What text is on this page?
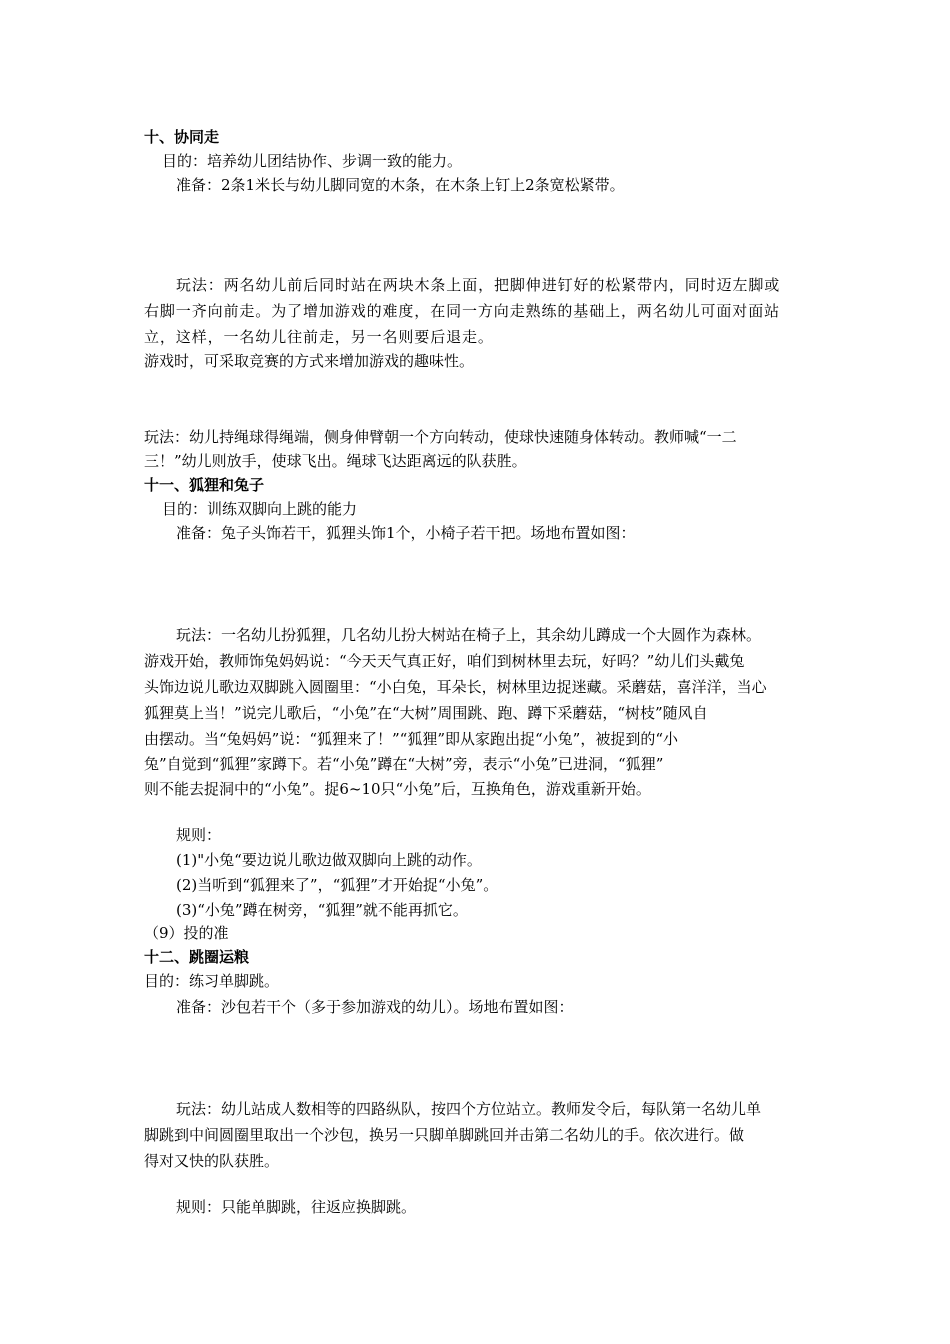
十、协同走

目的：培养幼儿团结协作、步调一致的能力。

准备：2条1米长与幼儿脚同宽的木条，在木条上钉上2条宽松紧带。

玩法：两名幼儿前后同时站在两块木条上面，把脚伸进钉好的松紧带内，同时迈左脚或

右脚一齐向前走。为了增加游戏的难度，在同一方向走熟练的基础上，两名幼儿可面对面站

立，这样，一名幼儿往前走，另一名则要后退走。

游戏时，可采取竞赛的方式来增加游戏的趣味性。

玩法：幼儿持绳球得绳端，侧身伸臂朝一个方向转动，使球快速随身体转动。教师喊“一二

三！”幼儿则放手，使球飞出。绳球飞达距离远的队获胜。

十一、狐狸和兔子

目的：训练双脚向上跳的能力

准备：兔子头饰若干，狐狸头饰1个，小椅子若干把。场地布置如图：

玩法：一名幼儿扮狐狸，几名幼儿扮大树站在椅子上，其余幼儿蹲成一个大圆作为森林。

游戏开始，教师饰兔妈妈说：“今天天气真正好，咱们到树林里去玩，好吗？”幼儿们头戴兔

头饰边说儿歌边双脚跳入圆圈里：“小白兔，耳朵长，树林里边捉迷藏。采蘑菇，喜洋洋，当心

狐狸莫上当！”说完儿歌后，“小兔”在“大树”周围跳、跑、蹲下采蘑菇，“树枝”随风自

由摆动。当“兔妈妈”说：“狐狸来了！”“狐狸”即从家跑出捉“小兔”，被捉到的“小

兔”自觉到“狐狸”家蹲下。若“小兔”蹲在“大树”旁，表示“小兔”已进洞，“狐狸”

则不能去捉洞中的“小兔”。捉6~10只“小兔”后，互换角色，游戏重新开始。

规则：

(1)"小兔“要边说儿歌边做双脚向上跳的动作。

(2)当听到“狐狸来了”，“狐狸”才开始捉“小兔”。

(3)“小兔”蹲在树旁，“狐狸”就不能再抓它。

（9）投的准

十二、跳圈运粮

目的：练习单脚跳。

准备：沙包若干个（多于参加游戏的幼儿）。场地布置如图：

玩法：幼儿站成人数相等的四路纵队，按四个方位站立。教师发令后，每队第一名幼儿单

脚跳到中间圆圈里取出一个沙包，换另一只脚单脚跳回并击第二名幼儿的手。依次进行。做

得对又快的队获胜。

规则：只能单脚跳，往返应换脚跳。
